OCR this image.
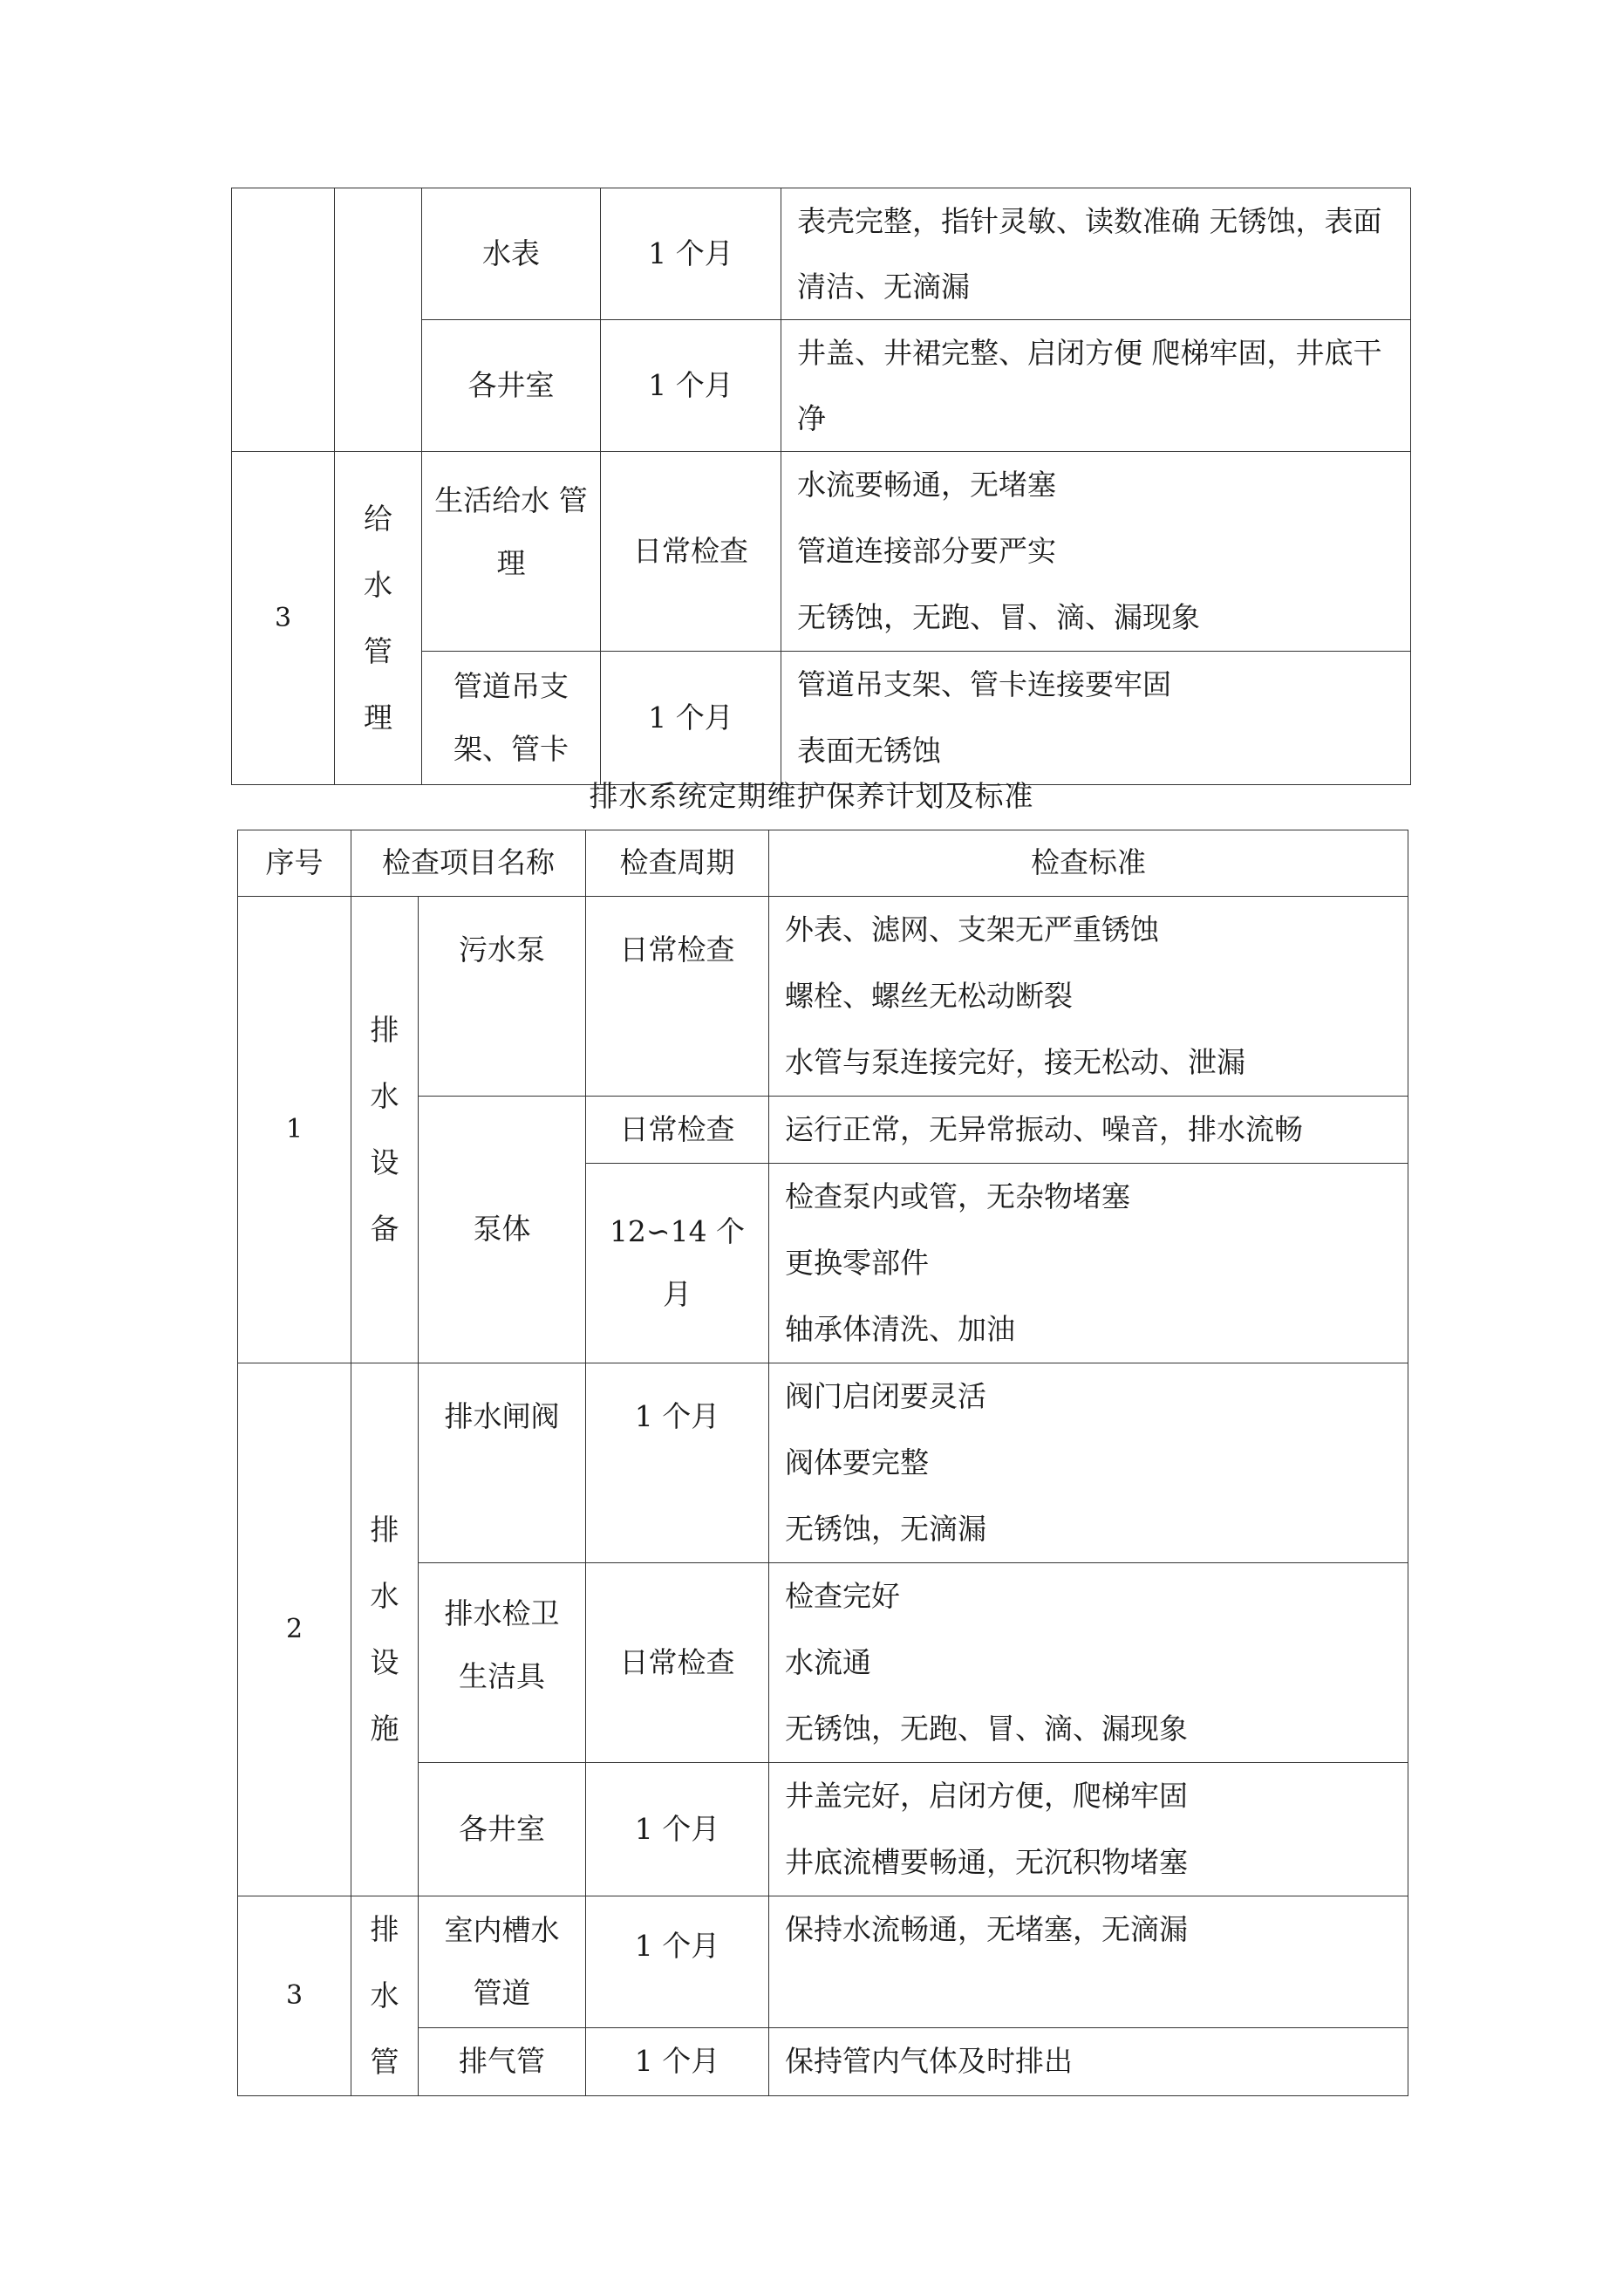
		水表	1 个月	表壳完整，指针灵敏、读数准确 无锈蚀，表面清洁、无滴漏

		各井室	1 个月	井盖、井裙完整、启闭方便 爬梯牢固，井底干净

3	给
水
管
理	生活给水 管理	日常检查	水流要畅通，无堵塞
管道连接部分要严实
无锈蚀，无跑、冒、滴、漏现象

		管道吊支架、管卡	1 个月	管道吊支架、管卡连接要牢固
表面无锈蚀
排水系统定期维护保养计划及标准
序号	检查项目名称		检查周期	检查标准
1	排
水
设
备	污水泵	日常检查	外表、滤网、支架无严重锈蚀
螺栓、螺丝无松动断裂
水管与泵连接完好，接无松动、泄漏

		泵体	日常检查	运行正常，无异常振动、噪音，排水流畅

			12∽14 个月	检查泵内或管，无杂物堵塞
更换零部件
轴承体清洗、加油

2	排
水
设
施	排水闸阀	1 个月	阀门启闭要灵活
阀体要完整
无锈蚀，无滴漏

		排水检卫生洁具	日常检查	检查完好
水流通
无锈蚀，无跑、冒、滴、漏现象

		各井室	1 个月	井盖完好，启闭方便，爬梯牢固
井底流槽要畅通，无沉积物堵塞

3	排
水
管	室内槽水管道	1 个月	保持水流畅通，无堵塞，无滴漏

		排气管	1 个月	保持管内气体及时排出
